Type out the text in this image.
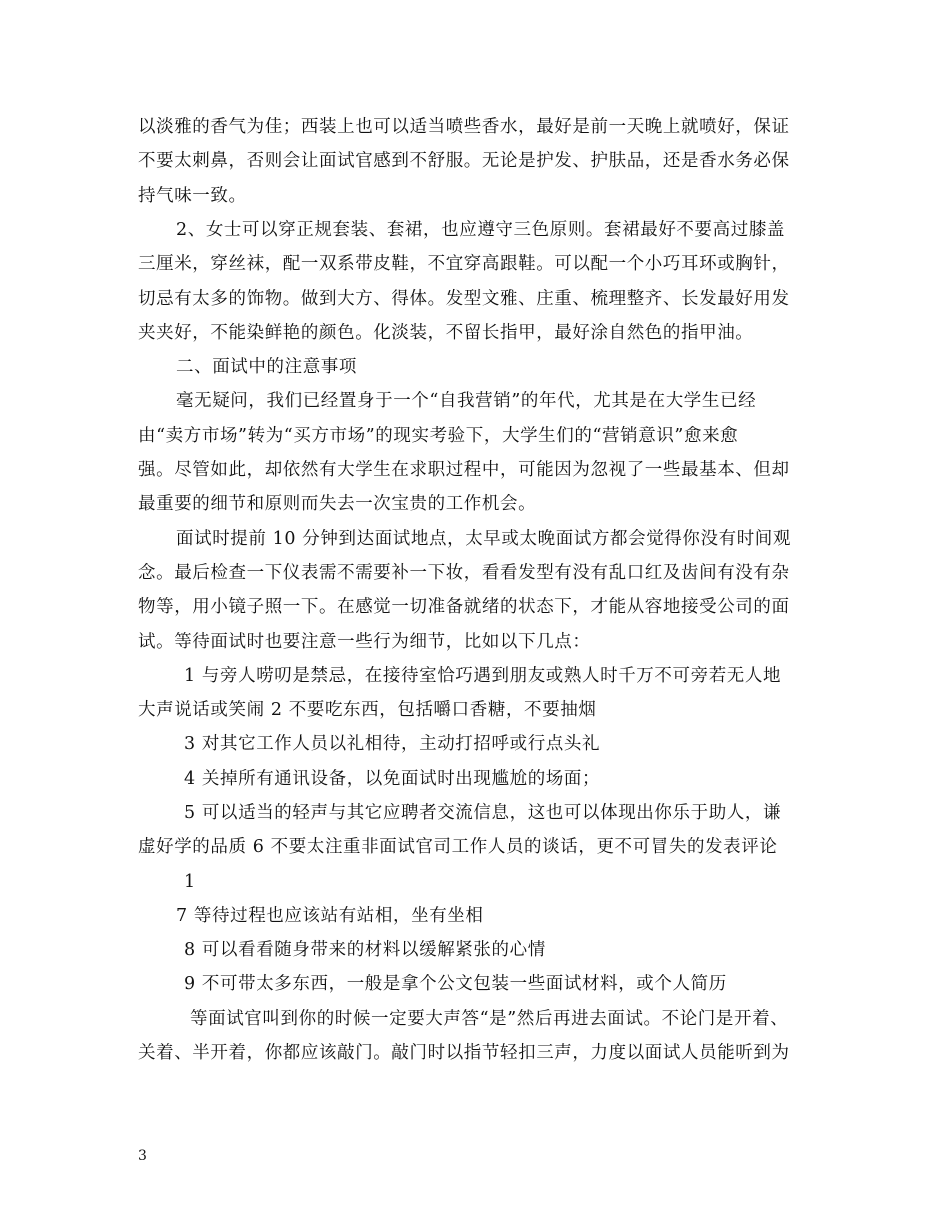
以淡雅的香气为佳；西装上也可以适当喷些香水，最好是前一天晚上就喷好，保证
不要太刺鼻，否则会让面试官感到不舒服。无论是护发、护肤品，还是香水务必保
持气味一致。
2、女士可以穿正规套装、套裙，也应遵守三色原则。套裙最好不要高过膝盖
三厘米，穿丝袜，配一双系带皮鞋，不宜穿高跟鞋。可以配一个小巧耳环或胸针，
切忌有太多的饰物。做到大方、得体。发型文雅、庄重、梳理整齐、长发最好用发
夹夹好，不能染鲜艳的颜色。化淡装，不留长指甲，最好涂自然色的指甲油。
二、面试中的注意事项
毫无疑问，我们已经置身于一个“自我营销”的年代，尤其是在大学生已经
由“卖方市场”转为“买方市场”的现实考验下，大学生们的“营销意识”愈来愈
强。尽管如此，却依然有大学生在求职过程中，可能因为忽视了一些最基本、但却
最重要的细节和原则而失去一次宝贵的工作机会。
面试时提前 10 分钟到达面试地点，太早或太晚面试方都会觉得你没有时间观
念。最后检查一下仪表需不需要补一下妆，看看发型有没有乱口红及齿间有没有杂
物等，用小镜子照一下。在感觉一切准备就绪的状态下，才能从容地接受公司的面
试。等待面试时也要注意一些行为细节，比如以下几点：
1 与旁人唠叨是禁忌，在接待室恰巧遇到朋友或熟人时千万不可旁若无人地
大声说话或笑闹 2 不要吃东西，包括嚼口香糖，不要抽烟
3 对其它工作人员以礼相待，主动打招呼或行点头礼
4 关掉所有通讯设备，以免面试时出现尴尬的场面；
5 可以适当的轻声与其它应聘者交流信息，这也可以体现出你乐于助人，谦
虚好学的品质 6 不要太注重非面试官司工作人员的谈话，更不可冒失的发表评论
1
7 等待过程也应该站有站相，坐有坐相
8 可以看看随身带来的材料以缓解紧张的心情
9 不可带太多东西，一般是拿个公文包装一些面试材料，或个人简历
等面试官叫到你的时候一定要大声答“是”然后再进去面试。不论门是开着、
关着、半开着，你都应该敲门。敲门时以指节轻扣三声，力度以面试人员能听到为
3
